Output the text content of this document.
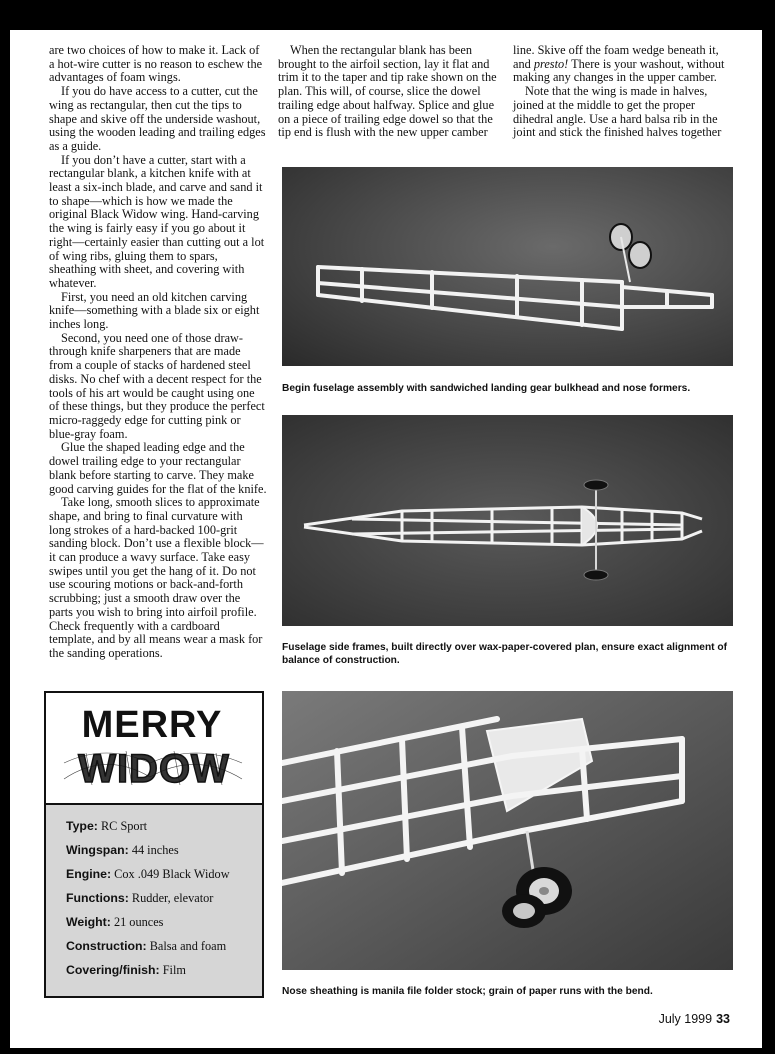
are two choices of how to make it. Lack of a hot-wire cutter is no reason to eschew the advantages of foam wings.

If you do have access to a cutter, cut the wing as rectangular, then cut the tips to shape and skive off the underside washout, using the wooden leading and trailing edges as a guide.

If you don’t have a cutter, start with a rectangular blank, a kitchen knife with at least a six-inch blade, and carve and sand it to shape—which is how we made the original Black Widow wing. Hand-carving the wing is fairly easy if you go about it right—certainly easier than cutting out a lot of wing ribs, gluing them to spars, sheathing with sheet, and covering with whatever.

First, you need an old kitchen carving knife—something with a blade six or eight inches long.

Second, you need one of those draw-through knife sharpeners that are made from a couple of stacks of hardened steel disks. No chef with a decent respect for the tools of his art would be caught using one of these things, but they produce the perfect micro-raggedy edge for cutting pink or blue-gray foam.

Glue the shaped leading edge and the dowel trailing edge to your rectangular blank before starting to carve. They make good carving guides for the flat of the knife.

Take long, smooth slices to approximate shape, and bring to final curvature with long strokes of a hard-backed 100-grit sanding block. Don’t use a flexible block—it can produce a wavy surface. Take easy swipes until you get the hang of it. Do not use scouring motions or back-and-forth scrubbing; just a smooth draw over the parts you wish to bring into airfoil profile. Check frequently with a cardboard template, and by all means wear a mask for the sanding operations.

When the rectangular blank has been brought to the airfoil section, lay it flat and trim it to the taper and tip rake shown on the plan. This will, of course, slice the dowel trailing edge about halfway. Splice and glue on a piece of trailing edge dowel so that the tip end is flush with the new upper camber

line. Skive off the foam wedge beneath it, and presto! There is your washout, without making any changes in the upper camber.

Note that the wing is made in halves, joined at the middle to get the proper dihedral angle. Use a hard balsa rib in the joint and stick the finished halves together

Begin fuselage assembly with sandwiched landing gear bulkhead and nose formers.
Fuselage side frames, built directly over wax-paper-covered plan, ensure exact alignment of balance of construction.
MERRY
WIDOW
Type: RC Sport
Wingspan: 44 inches
Engine: Cox .049 Black Widow
Functions: Rudder, elevator
Weight: 21 ounces
Construction: Balsa and foam
Covering/finish: Film
Nose sheathing is manila file folder stock; grain of paper runs with the bend.
July 1999 33
